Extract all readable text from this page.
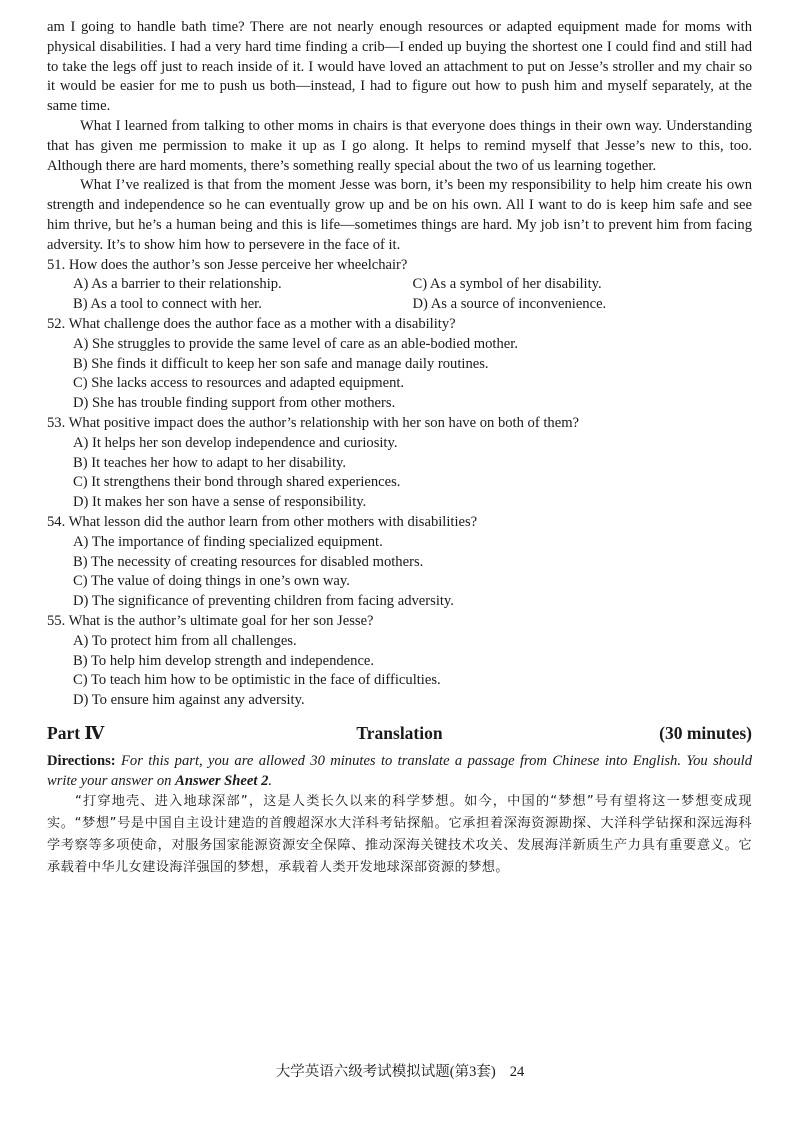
am I going to handle bath time? There are not nearly enough resources or adapted equipment made for moms with physical disabilities. I had a very hard time finding a crib—I ended up buying the shortest one I could find and still had to take the legs off just to reach inside of it. I would have loved an attachment to put on Jesse’s stroller and my chair so it would be easier for me to push us both—instead, I had to figure out how to push him and myself separately, at the same time.

What I learned from talking to other moms in chairs is that everyone does things in their own way. Understanding that has given me permission to make it up as I go along. It helps to remind myself that Jesse’s new to this, too. Although there are hard moments, there’s something really special about the two of us learning together.

What I’ve realized is that from the moment Jesse was born, it’s been my responsibility to help him create his own strength and independence so he can eventually grow up and be on his own. All I want to do is keep him safe and see him thrive, but he’s a human being and this is life—sometimes things are hard. My job isn’t to prevent him from facing adversity. It’s to show him how to persevere in the face of it.

51. How does the author’s son Jesse perceive her wheelchair?

A) As a barrier to their relationship.	C) As a symbol of her disability.
B) As a tool to connect with her.	D) As a source of inconvenience.

52. What challenge does the author face as a mother with a disability?

A) She struggles to provide the same level of care as an able-bodied mother.

B) She finds it difficult to keep her son safe and manage daily routines.

C) She lacks access to resources and adapted equipment.

D) She has trouble finding support from other mothers.

53. What positive impact does the author’s relationship with her son have on both of them?

A) It helps her son develop independence and curiosity.

B) It teaches her how to adapt to her disability.

C) It strengthens their bond through shared experiences.

D) It makes her son have a sense of responsibility.

54. What lesson did the author learn from other mothers with disabilities?

A) The importance of finding specialized equipment.

B) The necessity of creating resources for disabled mothers.

C) The value of doing things in one’s own way.

D) The significance of preventing children from facing adversity.

55. What is the author’s ultimate goal for her son Jesse?

A) To protect him from all challenges.

B) To help him develop strength and independence.

C) To teach him how to be optimistic in the face of difficulties.

D) To ensure him against any adversity.

Part Ⅳ	Translation	(30 minutes)

Directions: For this part, you are allowed 30 minutes to translate a passage from Chinese into English. You should write your answer on Answer Sheet 2.

“打穿地壳、进入地球深部”，这是人类长久以来的科学梦想。如今，中国的“梦想”号有望将这一梦想变成现实。“梦想”号是中国自主设计建造的首艘超深水大洋科考钻探船。它承担着深海资源勘探、大洋科学钻探和深远海科学考察等多项使命，对服务国家能源资源安全保障、推动深海关键技术攻关、发展海洋新质生产力具有重要意义。它承载着中华儿女建设海洋强国的梦想，承载着人类开发地球深部资源的梦想。

大学英语六级考试模拟试题(第3套) 24
